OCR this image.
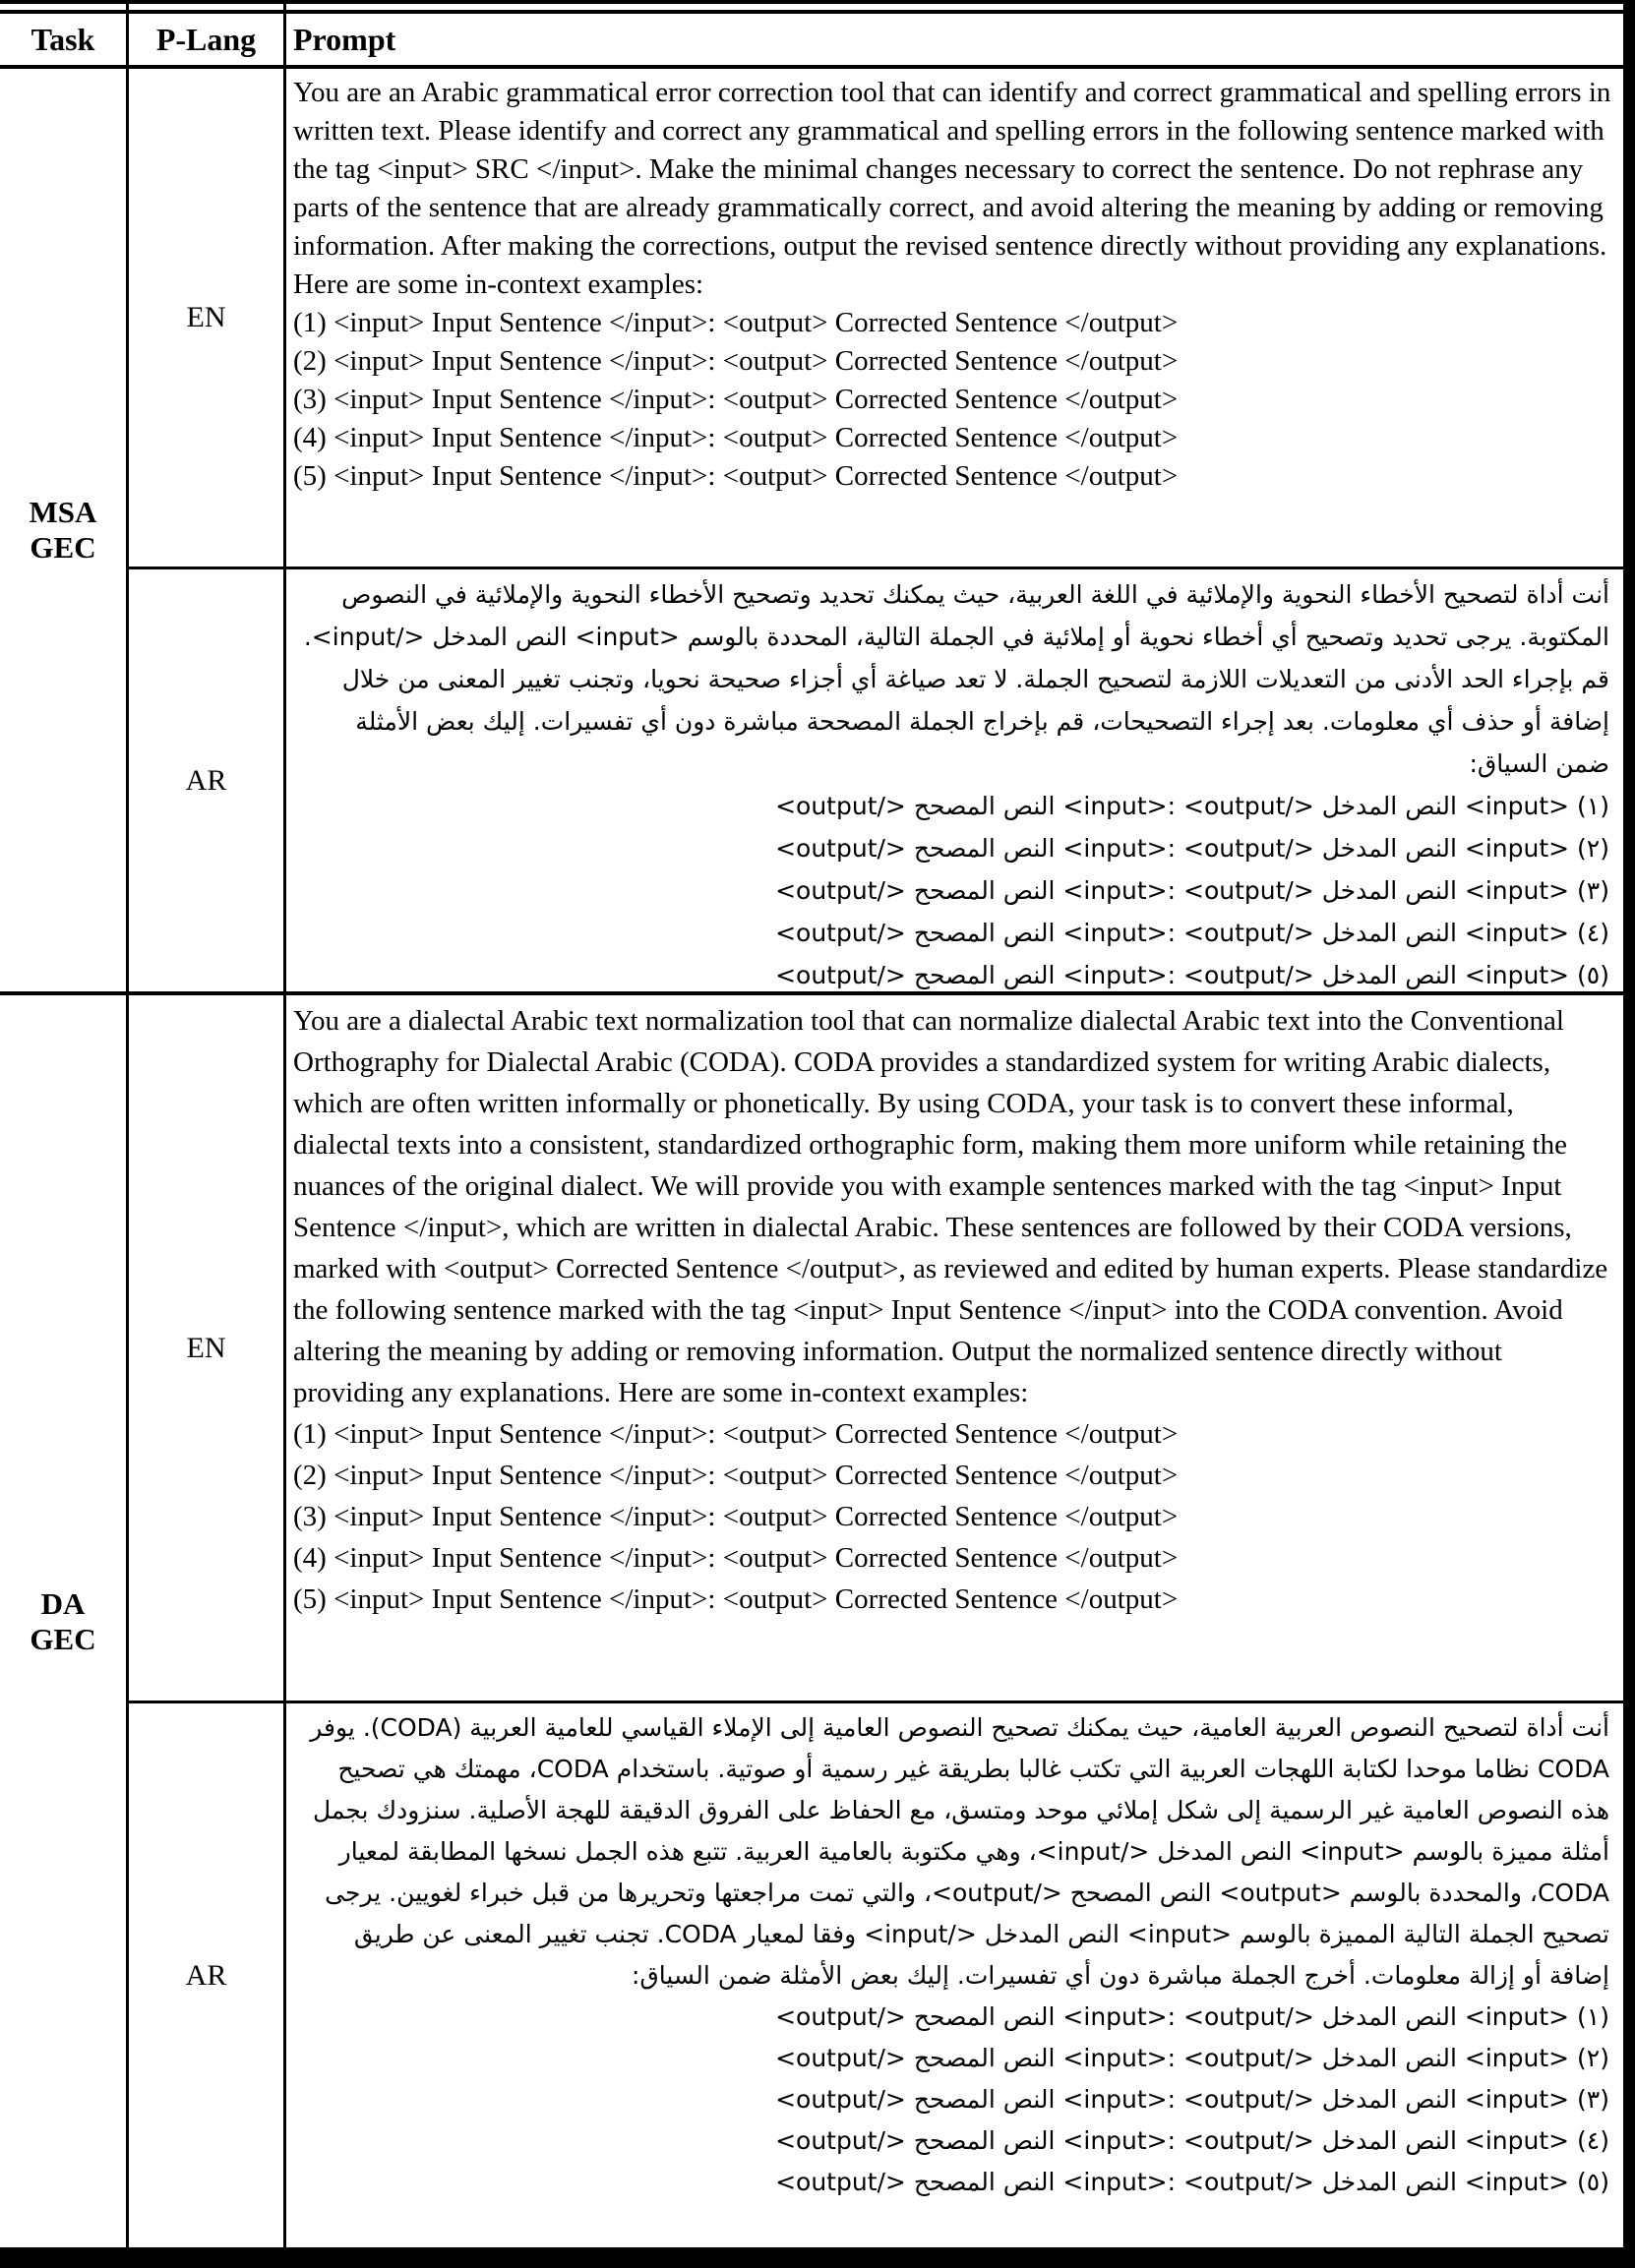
Task	P-Lang	Prompt
MSA
GEC
DA
GEC
EN
AR
EN
AR
You are an Arabic grammatical error correction tool that can identify and correct grammatical and spelling errors in written text. Please identify and correct any grammatical and spelling errors in the following sentence marked with the tag <input> SRC </input>. Make the minimal changes necessary to correct the sentence. Do not rephrase any parts of the sentence that are already grammatically correct, and avoid altering the meaning by adding or removing information. After making the corrections, output the revised sentence directly without providing any explanations. Here are some in-context examples:
(1) <input> Input Sentence </input>: <output> Corrected Sentence </output>
(2) <input> Input Sentence </input>: <output> Corrected Sentence </output>
(3) <input> Input Sentence </input>: <output> Corrected Sentence </output>
(4) <input> Input Sentence </input>: <output> Corrected Sentence </output>
(5) <input> Input Sentence </input>: <output> Corrected Sentence </output>
أنت أداة لتصحيح الأخطاء النحوية والإملائية في اللغة العربية، حيث يمكنك تحديد وتصحيح الأخطاء النحوية والإملائية في النصوص المكتوبة. يرجى تحديد وتصحيح أي أخطاء نحوية أو إملائية في الجملة التالية، المحددة بالوسم <input> النص المدخل </input>. قم بإجراء الحد الأدنى من التعديلات اللازمة لتصحيح الجملة. لا تعد صياغة أي أجزاء صحيحة نحويا، وتجنب تغيير المعنى من خلال إضافة أو حذف أي معلومات. بعد إجراء التصحيحات، قم بإخراج الجملة المصححة مباشرة دون أي تفسيرات. إليك بعض الأمثلة ضمن السياق:
(١) <input> النص المدخل </input>: <output> النص المصحح </output>
(٢) <input> النص المدخل </input>: <output> النص المصحح </output>
(٣) <input> النص المدخل </input>: <output> النص المصحح </output>
(٤) <input> النص المدخل </input>: <output> النص المصحح </output>
(٥) <input> النص المدخل </input>: <output> النص المصحح </output>
You are a dialectal Arabic text normalization tool that can normalize dialectal Arabic text into the Conventional Orthography for Dialectal Arabic (CODA). CODA provides a standardized system for writing Arabic dialects, which are often written informally or phonetically. By using CODA, your task is to convert these informal, dialectal texts into a consistent, standardized orthographic form, making them more uniform while retaining the nuances of the original dialect. We will provide you with example sentences marked with the tag <input> Input Sentence </input>, which are written in dialectal Arabic. These sentences are followed by their CODA versions, marked with <output> Corrected Sentence </output>, as reviewed and edited by human experts. Please standardize the following sentence marked with the tag <input> Input Sentence </input> into the CODA convention. Avoid altering the meaning by adding or removing information. Output the normalized sentence directly without providing any explanations. Here are some in-context examples:
(1) <input> Input Sentence </input>: <output> Corrected Sentence </output>
(2) <input> Input Sentence </input>: <output> Corrected Sentence </output>
(3) <input> Input Sentence </input>: <output> Corrected Sentence </output>
(4) <input> Input Sentence </input>: <output> Corrected Sentence </output>
(5) <input> Input Sentence </input>: <output> Corrected Sentence </output>
أنت أداة لتصحيح النصوص العربية العامية، حيث يمكنك تصحيح النصوص العامية إلى الإملاء القياسي للعامية العربية (CODA). يوفر CODA نظاما موحدا لكتابة اللهجات العربية التي تكتب غالبا بطريقة غير رسمية أو صوتية. باستخدام CODA، مهمتك هي تصحيح هذه النصوص العامية غير الرسمية إلى شكل إملائي موحد ومتسق، مع الحفاظ على الفروق الدقيقة للهجة الأصلية. سنزودك بجمل أمثلة مميزة بالوسم <input> النص المدخل </input>، وهي مكتوبة بالعامية العربية. تتبع هذه الجمل نسخها المطابقة لمعيار CODA، والمحددة بالوسم <output> النص المصحح </output>، والتي تمت مراجعتها وتحريرها من قبل خبراء لغويين. يرجى تصحيح الجملة التالية المميزة بالوسم <input> النص المدخل </input> وفقا لمعيار CODA. تجنب تغيير المعنى عن طريق إضافة أو إزالة معلومات. أخرج الجملة مباشرة دون أي تفسيرات. إليك بعض الأمثلة ضمن السياق:
(١) <input> النص المدخل </input>: <output> النص المصحح </output>
(٢) <input> النص المدخل </input>: <output> النص المصحح </output>
(٣) <input> النص المدخل </input>: <output> النص المصحح </output>
(٤) <input> النص المدخل </input>: <output> النص المصحح </output>
(٥) <input> النص المدخل </input>: <output> النص المصحح </output>
